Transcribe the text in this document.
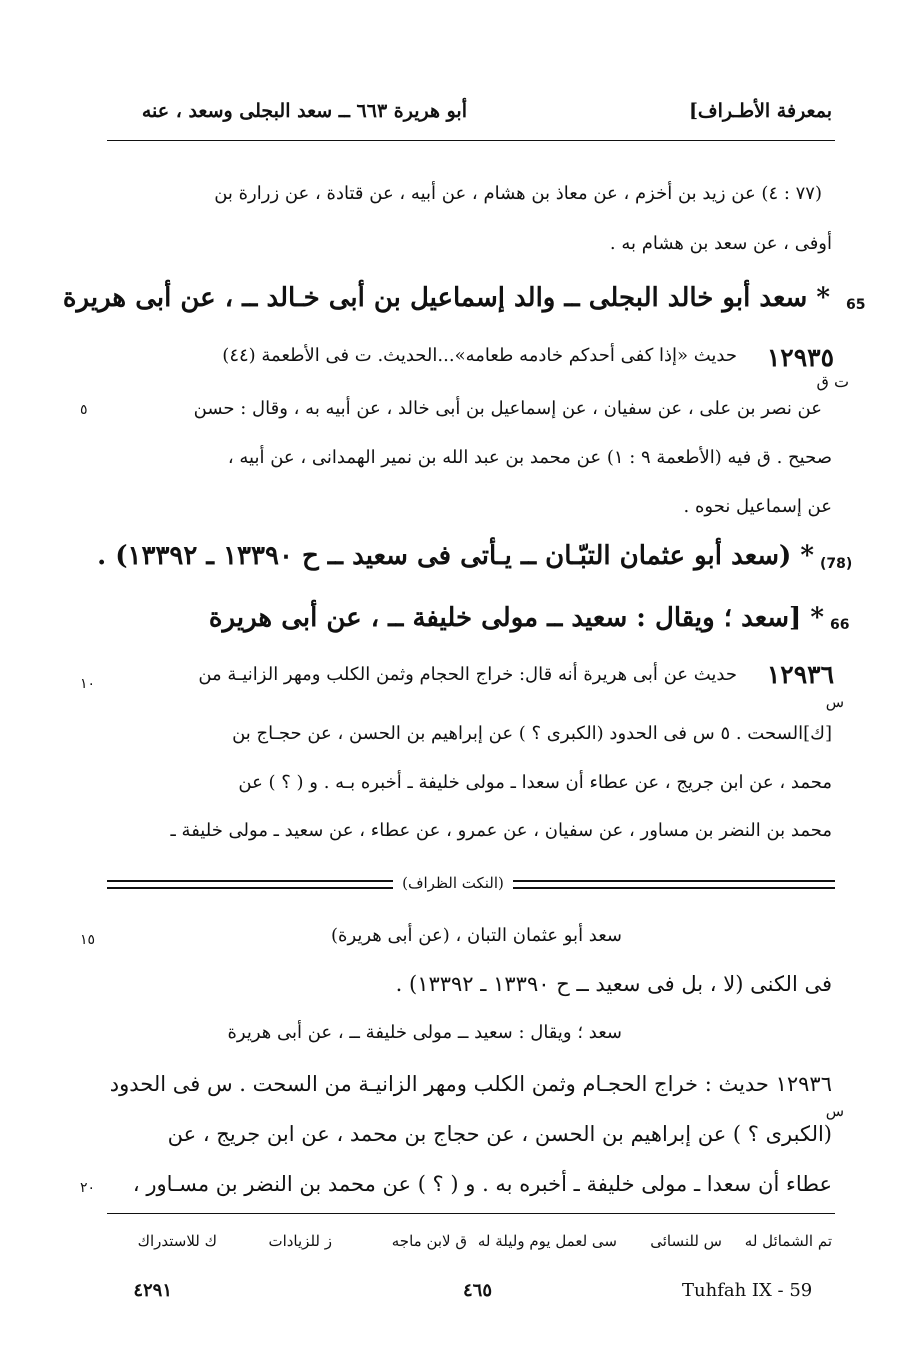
بمعرفة الأطـراف]
أبو هريرة ٦٦٣ ــ سعد البجلى وسعد ، عنه
(٧٧ : ٤) عن زيد بن أخزم ، عن معاذ بن هشام ، عن أبيه ، عن قتادة ، عن زرارة بن
أوفى ، عن سعد بن هشام به .
65
* سعد أبو خالد البجلى ــ والد إسماعيل بن أبى خـالد ــ ، عن أبى هريرة
١٢٩٣٥
حديث «إذا كفى أحدكم خادمه طعامه»...الحديث. ت فى الأطعمة (٤٤)
ت ق
٥	عن نصر بن على ، عن سفيان ، عن إسماعيل بن أبى خالد ، عن أبيه به ، وقال : حسن
صحيح . ق فيه (الأطعمة ٩ : ١) عن محمد بن عبد الله بن نمير الهمدانى ، عن أبيه ،
عن إسماعيل نحوه .
(78)
* (سعد أبو عثمان التبّـان ــ يـأتى فى سعيد ــ ح ١٣٣٩٠ ـ ١٣٣٩٢) .
66
* [سعد ؛ ويقال : سعيد ــ مولى خليفة ــ ، عن أبى هريرة
١٢٩٣٦
حديث عن أبى هريرة أنه قال: خراج الحجام وثمن الكلب ومهر الزانيـة من
١٠
س
[ك]السحت . ٥ س فى الحدود (الكبرى ؟ ) عن إبراهيم بن الحسن ، عن حجـاج بن
محمد ، عن ابن جريج ، عن عطاء أن سعدا ـ مولى خليفة ـ أخبره بـه . و ( ؟ ) عن
محمد بن النضر بن مساور ، عن سفيان ، عن عمرو ، عن عطاء ، عن سعيد ـ مولى خليفة ـ
(النكت الظراف)
١٥	سعد أبو عثمان التبان ، (عن أبى هريرة)
فى الكنى (لا ، بل فى سعيد ــ ح ١٣٣٩٠ ـ ١٣٣٩٢) .
سعد ؛ ويقال : سعيد ــ مولى خليفة ــ ، عن أبى هريرة
١٢٩٣٦ حديث : خراج الحجـام وثمن الكلب ومهر الزانيـة من السحت . س فى الحدود
س
(الكبرى ؟ ) عن إبراهيم بن الحسن ، عن حجاج بن محمد ، عن ابن جريج ، عن
٢٠ عطاء أن سعدا ـ مولى خليفة ـ أخبره به . و ( ؟ ) عن محمد بن النضر بن مسـاور ،
تم الشمائل له
س للنسائى
سى لعمل يوم وليلة له
ق لابن ماجه
ز للزيادات
ك للاستدراك
٤٢٩١	٤٦٥	Tuhfah IX - 59
